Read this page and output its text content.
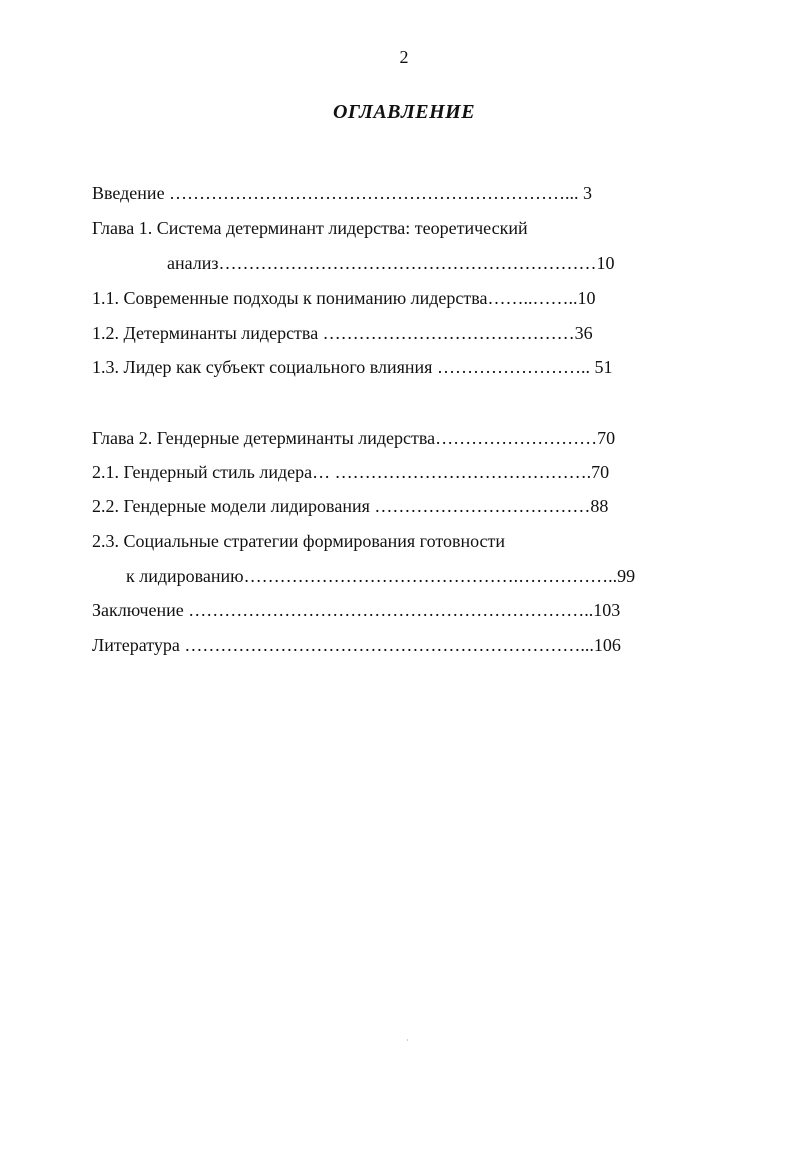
2
ОГЛАВЛЕНИЕ
Введение …………………………………………………………... 3
Глава 1. Система детерминант лидерства: теоретический
анализ………………………………………………………10
1.1. Современные подходы к пониманию лидерства……..……..10
1.2. Детерминанты лидерства ……………………………………36
1.3. Лидер как субъект социального влияния …………………….. 51
Глава 2. Гендерные детерминанты лидерства………………………70
2.1. Гендерный стиль лидера… …………………………………….70
2.2. Гендерные модели лидирования ………………………………88
2.3. Социальные стратегии формирования готовности
к лидированию……………………………………….……………..99
Заключение …………………………………………………………..103
Литература …………………………………………………………...106
·
